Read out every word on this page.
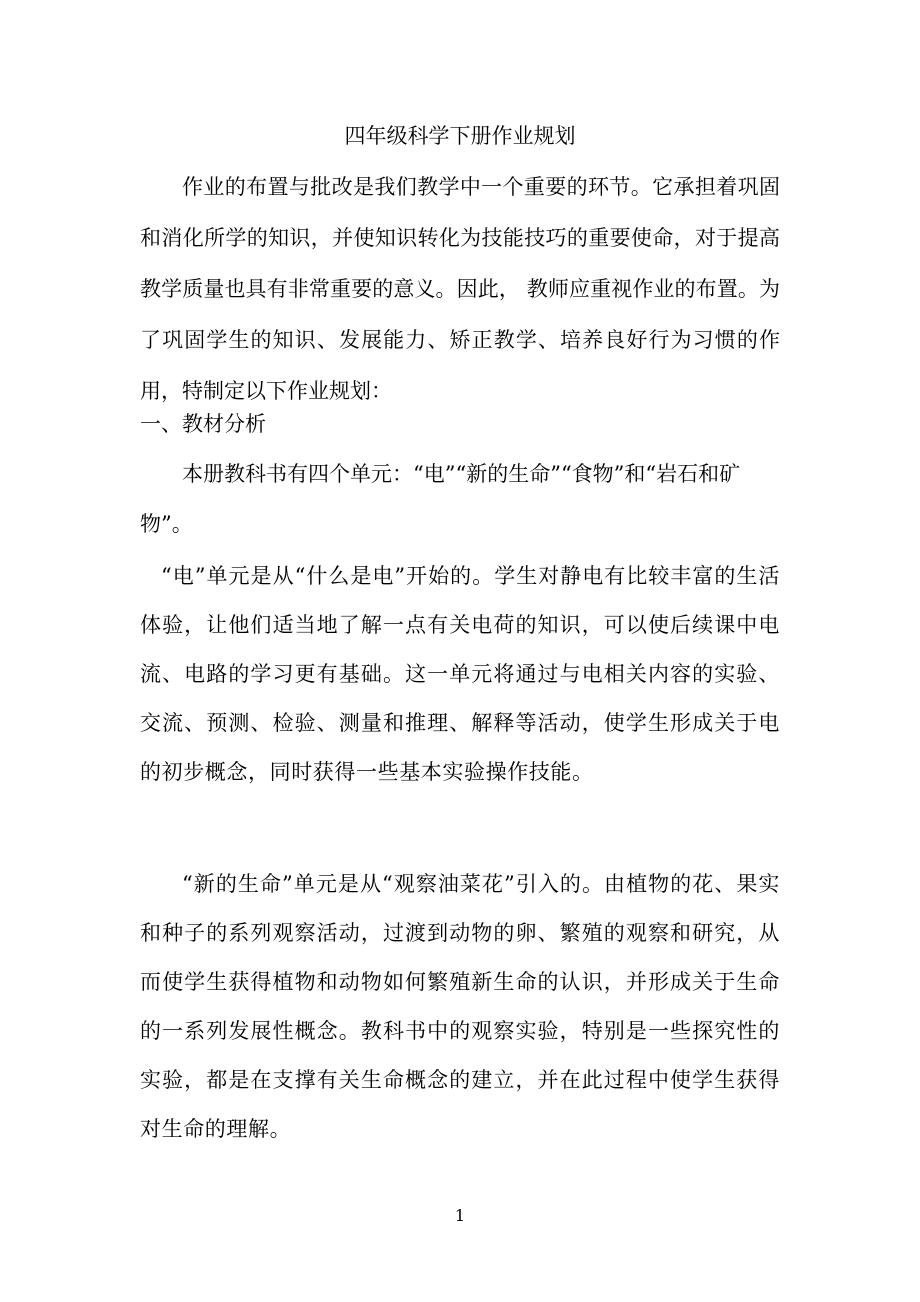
四年级科学下册作业规划

作业的布置与批改是我们教学中一个重要的环节。它承担着巩固和消化所学的知识，并使知识转化为技能技巧的重要使命，对于提高教学质量也具有非常重要的意义。因此， 教师应重视作业的布置。为了巩固学生的知识、发展能力、矫正教学、培养良好行为习惯的作用，特制定以下作业规划：

一、教材分析

本册教科书有四个单元：“电”“新的生命”“食物”和“岩石和矿物”。

“电”单元是从“什么是电”开始的。学生对静电有比较丰富的生活体验，让他们适当地了解一点有关电荷的知识，可以使后续课中电流、电路的学习更有基础。这一单元将通过与电相关内容的实验、交流、预测、检验、测量和推理、解释等活动，使学生形成关于电的初步概念，同时获得一些基本实验操作技能。

“新的生命”单元是从“观察油菜花”引入的。由植物的花、果实和种子的系列观察活动，过渡到动物的卵、繁殖的观察和研究，从而使学生获得植物和动物如何繁殖新生命的认识，并形成关于生命的一系列发展性概念。教科书中的观察实验，特别是一些探究性的实验，都是在支撑有关生命概念的建立，并在此过程中使学生获得对生命的理解。

1
